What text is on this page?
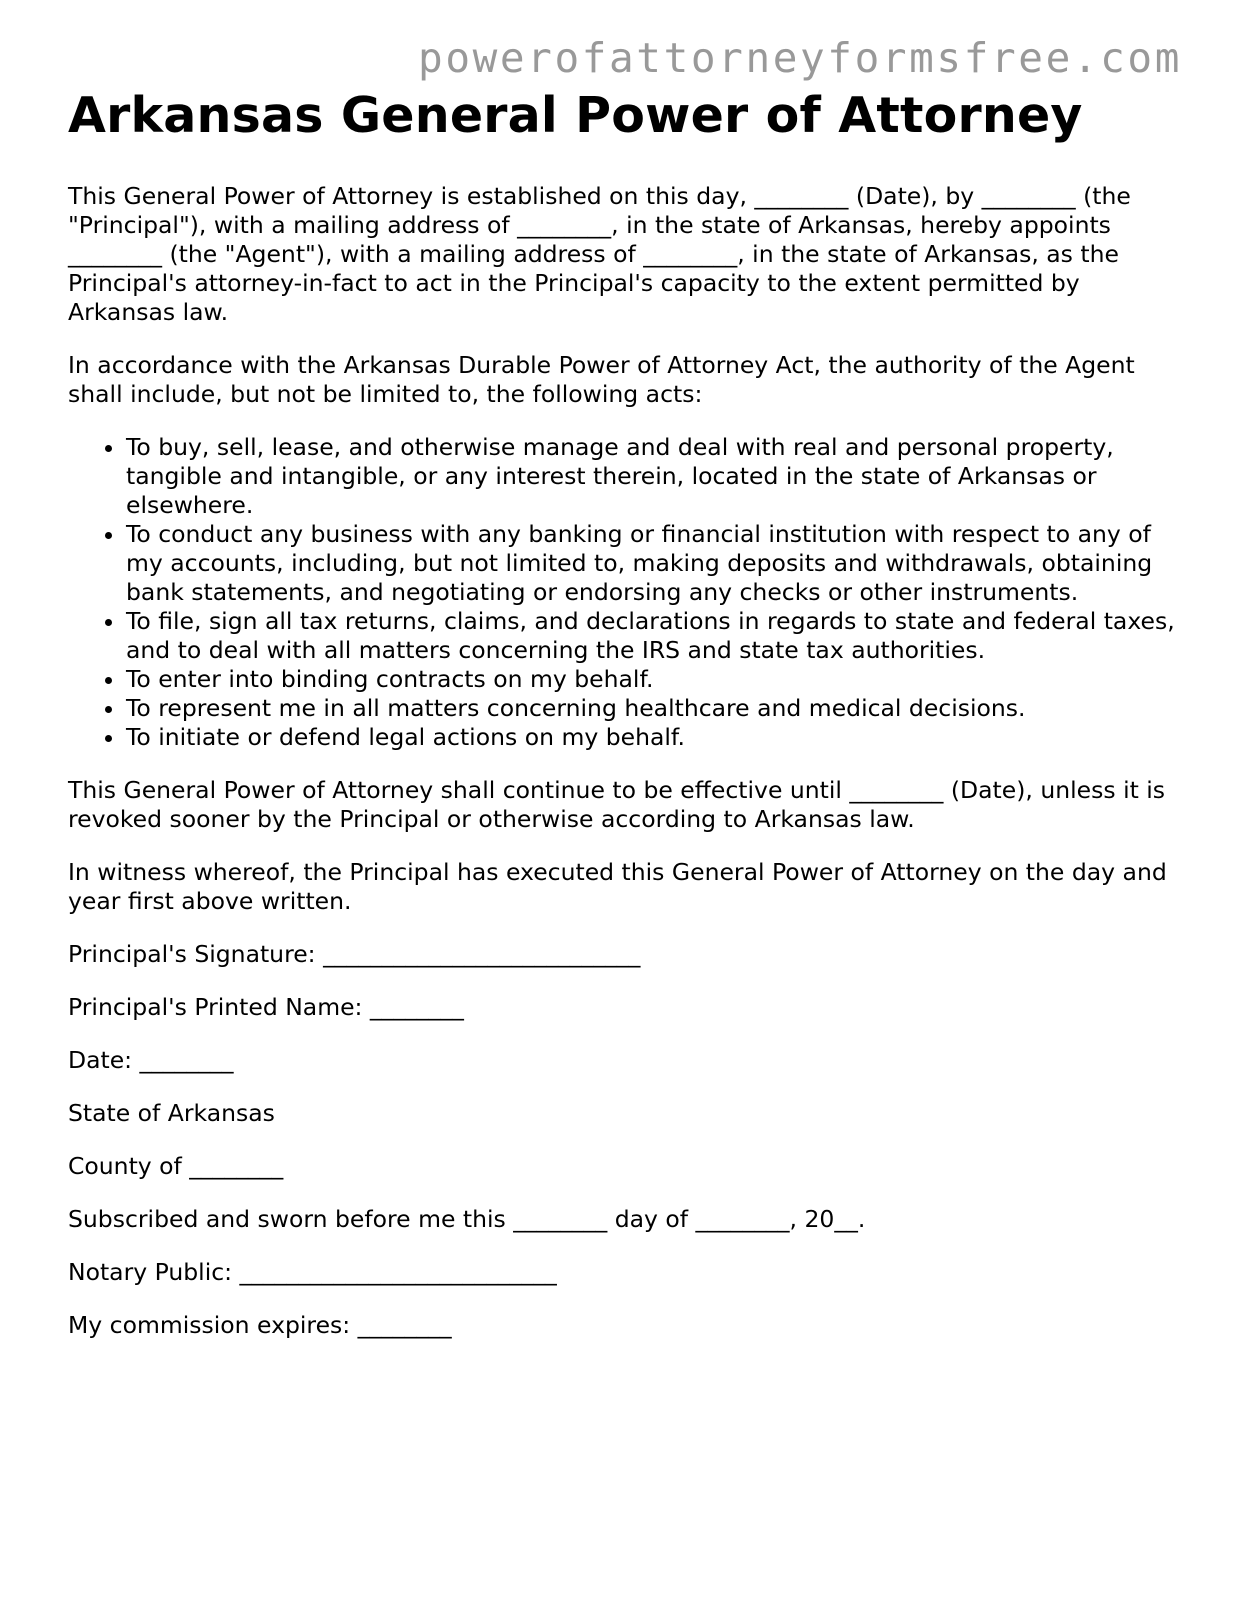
powerofattorneyformsfree.com
Arkansas General Power of Attorney

This General Power of Attorney is established on this day, ________ (Date), by ________ (the "Principal"), with a mailing address of ________, in the state of Arkansas, hereby appoints ________ (the "Agent"), with a mailing address of ________, in the state of Arkansas, as the Principal's attorney-in-fact to act in the Principal's capacity to the extent permitted by Arkansas law.

In accordance with the Arkansas Durable Power of Attorney Act, the authority of the Agent shall include, but not be limited to, the following acts:

• To buy, sell, lease, and otherwise manage and deal with real and personal property, tangible and intangible, or any interest therein, located in the state of Arkansas or elsewhere.
• To conduct any business with any banking or financial institution with respect to any of my accounts, including, but not limited to, making deposits and withdrawals, obtaining bank statements, and negotiating or endorsing any checks or other instruments.
• To file, sign all tax returns, claims, and declarations in regards to state and federal taxes, and to deal with all matters concerning the IRS and state tax authorities.
• To enter into binding contracts on my behalf.
• To represent me in all matters concerning healthcare and medical decisions.
• To initiate or defend legal actions on my behalf.

This General Power of Attorney shall continue to be effective until ________ (Date), unless it is revoked sooner by the Principal or otherwise according to Arkansas law.

In witness whereof, the Principal has executed this General Power of Attorney on the day and year first above written.

Principal's Signature: ___________________________
Principal's Printed Name: ________
Date: ________
State of Arkansas
County of ________
Subscribed and sworn before me this ________ day of ________, 20__.
Notary Public: ___________________________
My commission expires: ________
